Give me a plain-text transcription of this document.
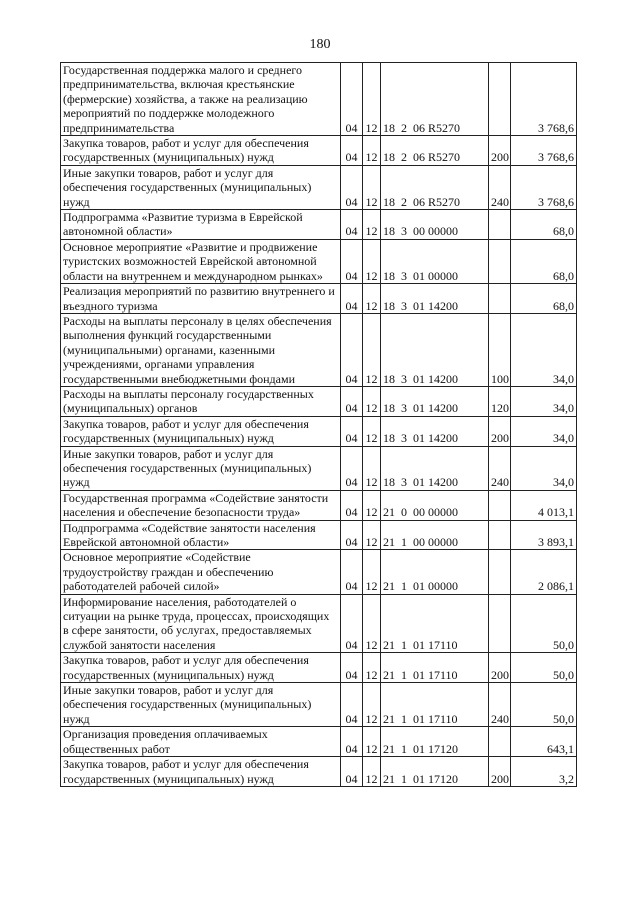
180
Государственная поддержка малого и среднего предпринимательства, включая крестьянские (фермерские) хозяйства, а также на реализацию мероприятий по поддержке молодежного предпринимательства	04	12	18  2  06 R5270		3 768,6
Закупка товаров, работ и услуг для обеспечения государственных (муниципальных) нужд	04	12	18  2  06 R5270	200	3 768,6
Иные закупки товаров, работ и услуг для обеспечения государственных (муниципальных) нужд	04	12	18  2  06 R5270	240	3 768,6
Подпрограмма «Развитие туризма в Еврейской автономной области»	04	12	18  3  00 00000		68,0
Основное мероприятие «Развитие и продвижение туристских возможностей Еврейской автономной области на внутреннем и международном рынках»	04	12	18  3  01 00000		68,0
Реализация мероприятий по развитию внутреннего и въездного туризма	04	12	18  3  01 14200		68,0
Расходы на выплаты персоналу в целях обеспечения выполнения функций государственными (муниципальными) органами, казенными учреждениями, органами управления государственными внебюджетными фондами	04	12	18  3  01 14200	100	34,0
Расходы на выплаты персоналу государственных (муниципальных) органов	04	12	18  3  01 14200	120	34,0
Закупка товаров, работ и услуг для обеспечения государственных (муниципальных) нужд	04	12	18  3  01 14200	200	34,0
Иные закупки товаров, работ и услуг для обеспечения государственных (муниципальных) нужд	04	12	18  3  01 14200	240	34,0
Государственная программа «Содействие занятости населения и обеспечение безопасности труда»	04	12	21  0  00 00000		4 013,1
Подпрограмма «Содействие занятости населения Еврейской автономной области»	04	12	21  1  00 00000		3 893,1
Основное мероприятие «Содействие трудоустройству граждан и обеспечению работодателей рабочей силой»	04	12	21  1  01 00000		2 086,1
Информирование населения, работодателей о ситуации на рынке труда, процессах, происходящих в сфере занятости, об услугах, предоставляемых службой занятости населения	04	12	21  1  01 17110		50,0
Закупка товаров, работ и услуг для обеспечения государственных (муниципальных) нужд	04	12	21  1  01 17110	200	50,0
Иные закупки товаров, работ и услуг для обеспечения государственных (муниципальных) нужд	04	12	21  1  01 17110	240	50,0
Организация проведения оплачиваемых общественных работ	04	12	21  1  01 17120		643,1
Закупка товаров, работ и услуг для обеспечения государственных (муниципальных) нужд	04	12	21  1  01 17120	200	3,2
